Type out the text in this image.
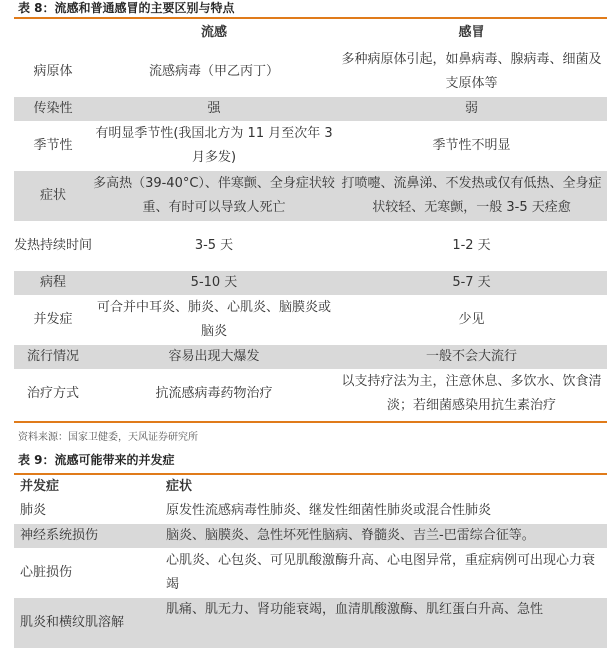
表 8：流感和普通感冒的主要区别与特点
	流感	感冒
病原体	流感病毒（甲乙丙丁）	多种病原体引起，如鼻病毒、腺病毒、细菌及支原体等
传染性	强	弱
季节性	有明显季节性(我国北方为 11 月至次年 3 月多发)	季节性不明显
症状	多高热（39-40°C）、伴寒颤、全身症状较重、有时可以导致人死亡	打喷嚏、流鼻涕、不发热或仅有低热、全身症状较轻、无寒颤，一般 3-5 天痊愈
发热持续时间	3-5 天	1-2 天
病程	5-10 天	5-7 天
并发症	可合并中耳炎、肺炎、心肌炎、脑膜炎或脑炎	少见
流行情况	容易出现大爆发	一般不会大流行
治疗方式	抗流感病毒药物治疗	以支持疗法为主，注意休息、多饮水、饮食清淡；若细菌感染用抗生素治疗
资料来源：国家卫健委，天风证券研究所
表 9：流感可能带来的并发症
并发症	症状
肺炎	原发性流感病毒性肺炎、继发性细菌性肺炎或混合性肺炎
神经系统损伤	脑炎、脑膜炎、急性坏死性脑病、脊髓炎、吉兰-巴雷综合征等。
心脏损伤	心肌炎、心包炎、可见肌酸激酶升高、心电图异常，重症病例可出现心力衰竭
肌炎和横纹肌溶解	肌痛、肌无力、肾功能衰竭，血清肌酸激酶、肌红蛋白升高、急性
